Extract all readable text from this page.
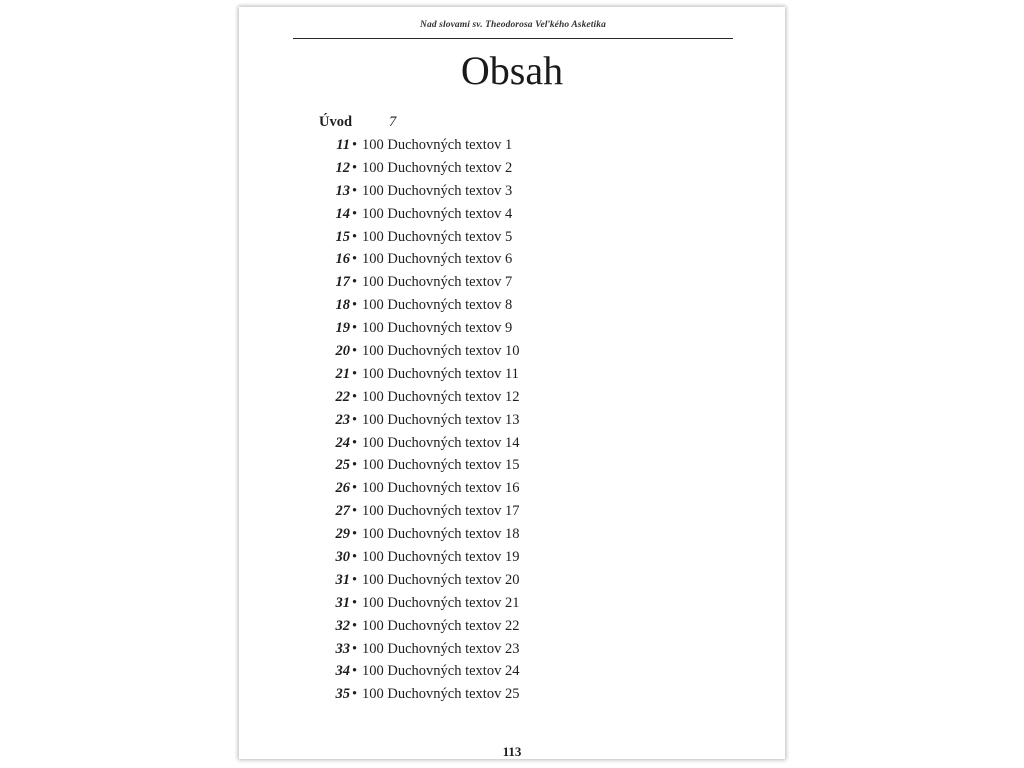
Nad slovami sv. Theodorosa Veľkého Asketika
Obsah
Úvod	7
11 • 100 Duchovných textov 1
12 • 100 Duchovných textov 2
13 • 100 Duchovných textov 3
14 • 100 Duchovných textov 4
15 • 100 Duchovných textov 5
16 • 100 Duchovných textov 6
17 • 100 Duchovných textov 7
18 • 100 Duchovných textov 8
19 • 100 Duchovných textov 9
20 • 100 Duchovných textov 10
21 • 100 Duchovných textov 11
22 • 100 Duchovných textov 12
23 • 100 Duchovných textov 13
24 • 100 Duchovných textov 14
25 • 100 Duchovných textov 15
26 • 100 Duchovných textov 16
27 • 100 Duchovných textov 17
29 • 100 Duchovných textov 18
30 • 100 Duchovných textov 19
31 • 100 Duchovných textov 20
31 • 100 Duchovných textov 21
32 • 100 Duchovných textov 22
33 • 100 Duchovných textov 23
34 • 100 Duchovných textov 24
35 • 100 Duchovných textov 25
113
